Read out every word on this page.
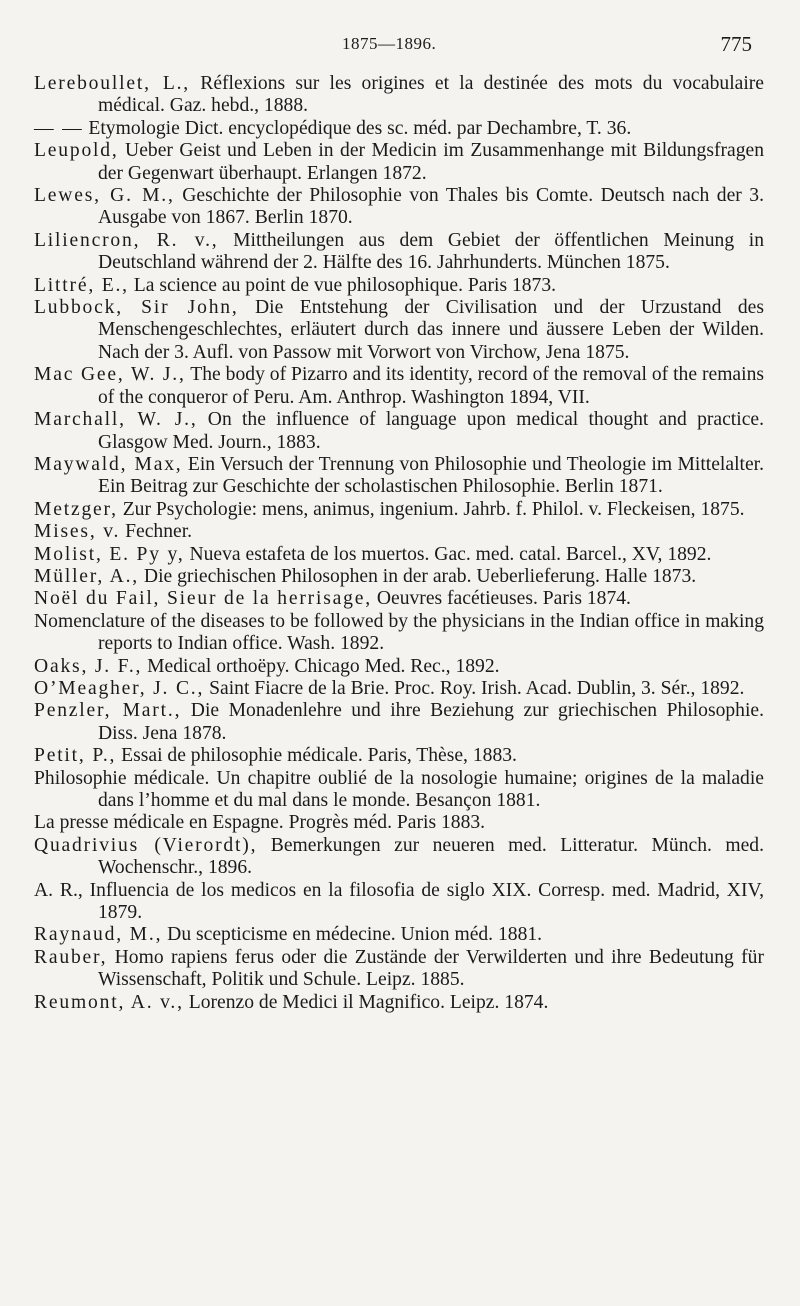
1875—1896.	775

Lereboullet, L., Réflexions sur les origines et la destinée des mots du vocabulaire médical. Gaz. hebd., 1888.

— — Etymologie Dict. encyclopédique des sc. méd. par Dechambre, T. 36.

Leupold, Ueber Geist und Leben in der Medicin im Zusammenhange mit Bildungsfragen der Gegenwart überhaupt. Erlangen 1872.

Lewes, G. M., Geschichte der Philosophie von Thales bis Comte. Deutsch nach der 3. Ausgabe von 1867. Berlin 1870.

Liliencron, R. v., Mittheilungen aus dem Gebiet der öffentlichen Meinung in Deutschland während der 2. Hälfte des 16. Jahrhunderts. München 1875.

Littré, E., La science au point de vue philosophique. Paris 1873.

Lubbock, Sir John, Die Entstehung der Civilisation und der Urzustand des Menschengeschlechtes, erläutert durch das innere und äussere Leben der Wilden. Nach der 3. Aufl. von Passow mit Vorwort von Virchow, Jena 1875.

Mac Gee, W. J., The body of Pizarro and its identity, record of the removal of the remains of the conqueror of Peru. Am. Anthrop. Washington 1894, VII.

Marchall, W. J., On the influence of language upon medical thought and practice. Glasgow Med. Journ., 1883.

Maywald, Max, Ein Versuch der Trennung von Philosophie und Theologie im Mittelalter. Ein Beitrag zur Geschichte der scholastischen Philosophie. Berlin 1871.

Metzger, Zur Psychologie: mens, animus, ingenium. Jahrb. f. Philol. v. Fleckeisen, 1875.

Mises, v. Fechner.

Molist, E. Py y, Nueva estafeta de los muertos. Gac. med. catal. Barcel., XV, 1892.

Müller, A., Die griechischen Philosophen in der arab. Ueberlieferung. Halle 1873.

Noël du Fail, Sieur de la herrisage, Oeuvres facétieuses. Paris 1874.

Nomenclature of the diseases to be followed by the physicians in the Indian office in making reports to Indian office. Wash. 1892.

Oaks, J. F., Medical orthoëpy. Chicago Med. Rec., 1892.

O’Meagher, J. C., Saint Fiacre de la Brie. Proc. Roy. Irish. Acad. Dublin, 3. Sér., 1892.

Penzler, Mart., Die Monadenlehre und ihre Beziehung zur griechischen Philosophie. Diss. Jena 1878.

Petit, P., Essai de philosophie médicale. Paris, Thèse, 1883.

Philosophie médicale. Un chapitre oublié de la nosologie humaine; origines de la maladie dans l’homme et du mal dans le monde. Besançon 1881.

La presse médicale en Espagne. Progrès méd. Paris 1883.

Quadrivius (Vierordt), Bemerkungen zur neueren med. Litteratur. Münch. med. Wochenschr., 1896.

A. R., Influencia de los medicos en la filosofia de siglo XIX. Corresp. med. Madrid, XIV, 1879.

Raynaud, M., Du scepticisme en médecine. Union méd. 1881.

Rauber, Homo rapiens ferus oder die Zustände der Verwilderten und ihre Bedeutung für Wissenschaft, Politik und Schule. Leipz. 1885.

Reumont, A. v., Lorenzo de Medici il Magnifico. Leipz. 1874.
